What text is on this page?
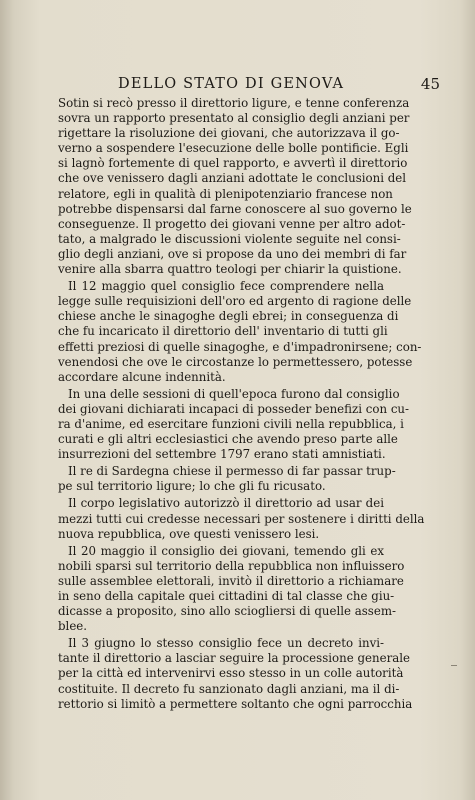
DELLO STATO DI GENOVA	45
Sotin si recò presso il direttorio ligure, e tenne conferenza
sovra un rapporto presentato al consiglio degli anziani per
rigettare la risoluzione dei giovani, che autorizzava il go-
verno a sospendere l'esecuzione delle bolle pontificie. Egli
si lagnò fortemente di quel rapporto, e avvertì il direttorio
che ove venissero dagli anziani adottate le conclusioni del
relatore, egli in qualità di plenipotenziario francese non
potrebbe dispensarsi dal farne conoscere al suo governo le
conseguenze. Il progetto dei giovani venne per altro adot-
tato, a malgrado le discussioni violente seguite nel consi-
glio degli anziani, ove si propose da uno dei membri di far
venire alla sbarra quattro teologi per chiarir la quistione.
Il 12 maggio quel consiglio fece comprendere nella
legge sulle requisizioni dell'oro ed argento di ragione delle
chiese anche le sinagoghe degli ebrei; in conseguenza di
che fu incaricato il direttorio dell' inventario di tutti gli
effetti preziosi di quelle sinagoghe, e d'impadronirsene; con-
venendosi che ove le circostanze lo permettessero, potesse
accordare alcune indennità.
In una delle sessioni di quell'epoca furono dal consiglio
dei giovani dichiarati incapaci di posseder benefizi con cu-
ra d'anime, ed esercitare funzioni civili nella repubblica, i
curati e gli altri ecclesiastici che avendo preso parte alle
insurrezioni del settembre 1797 erano stati amnistiati.
Il re di Sardegna chiese il permesso di far passar trup-
pe sul territorio ligure; lo che gli fu ricusato.
Il corpo legislativo autorizzò il direttorio ad usar dei
mezzi tutti cui credesse necessari per sostenere i diritti della
nuova repubblica, ove questi venissero lesi.
Il 20 maggio il consiglio dei giovani, temendo gli ex
nobili sparsi sul territorio della repubblica non influissero
sulle assemblee elettorali, invitò il direttorio a richiamare
in seno della capitale quei cittadini di tal classe che giu-
dicasse a proposito, sino allo sciogliersi di quelle assem-
blee.
Il 3 giugno lo stesso consiglio fece un decreto invi-
tante il direttorio a lasciar seguire la processione generale
per la città ed intervenirvi esso stesso in un colle autorità
costituite. Il decreto fu sanzionato dagli anziani, ma il di-
rettorio si limitò a permettere soltanto che ogni parrocchia
